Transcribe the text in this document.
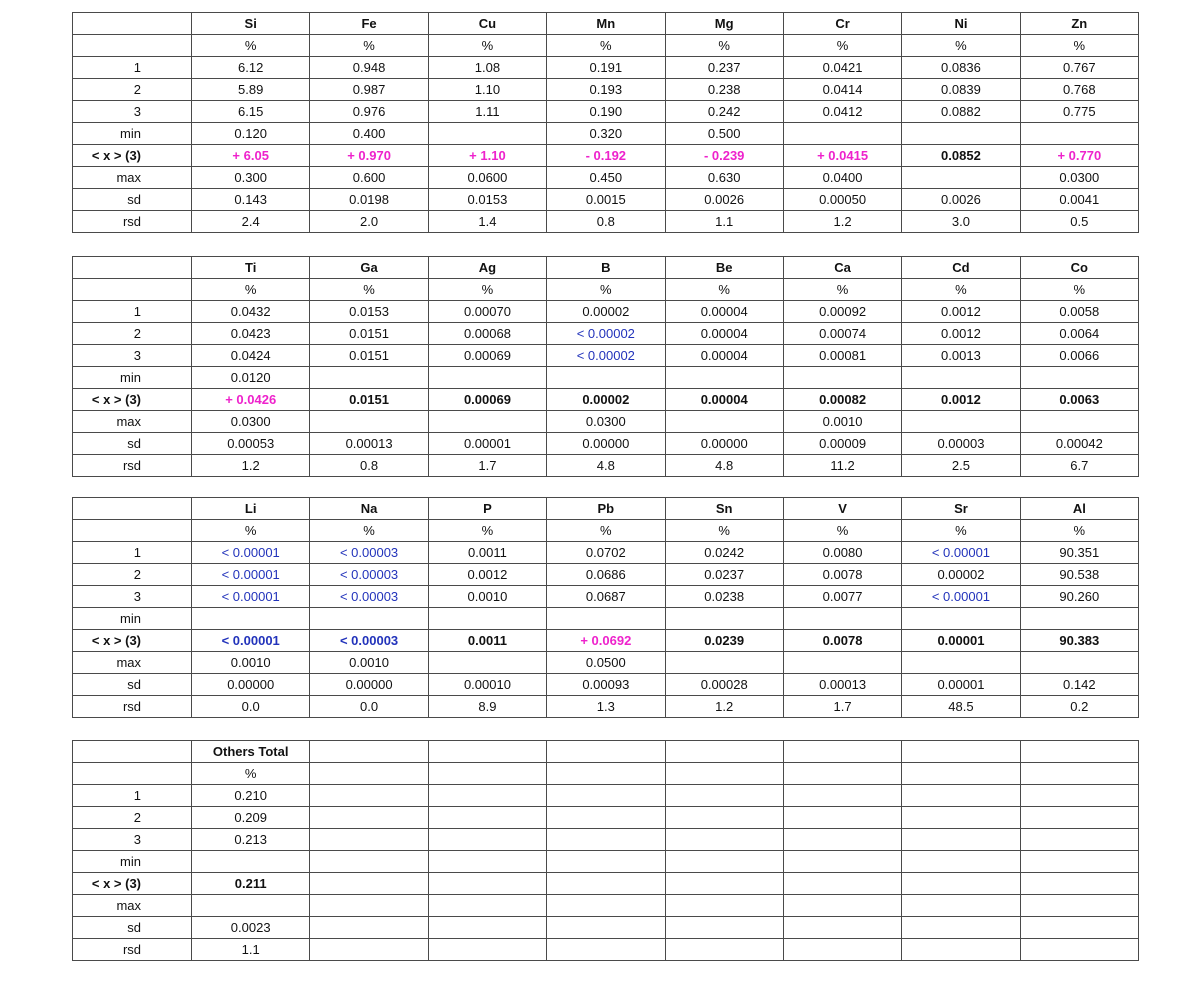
	Si	Fe	Cu	Mn	Mg	Cr	Ni	Zn
	%	%	%	%	%	%	%	%
1	6.12	0.948	1.08	0.191	0.237	0.0421	0.0836	0.767
2	5.89	0.987	1.10	0.193	0.238	0.0414	0.0839	0.768
3	6.15	0.976	1.11	0.190	0.242	0.0412	0.0882	0.775
min	0.120	0.400		0.320	0.500			
< x > (3)	+ 6.05	+ 0.970	+ 1.10	- 0.192	- 0.239	+ 0.0415	0.0852	+ 0.770
max	0.300	0.600	0.0600	0.450	0.630	0.0400		0.0300
sd	0.143	0.0198	0.0153	0.0015	0.0026	0.00050	0.0026	0.0041
rsd	2.4	2.0	1.4	0.8	1.1	1.2	3.0	0.5
	Ti	Ga	Ag	B	Be	Ca	Cd	Co
	%	%	%	%	%	%	%	%
1	0.0432	0.0153	0.00070	0.00002	0.00004	0.00092	0.0012	0.0058
2	0.0423	0.0151	0.00068	< 0.00002	0.00004	0.00074	0.0012	0.0064
3	0.0424	0.0151	0.00069	< 0.00002	0.00004	0.00081	0.0013	0.0066
min	0.0120							
< x > (3)	+ 0.0426	0.0151	0.00069	0.00002	0.00004	0.00082	0.0012	0.0063
max	0.0300			0.0300		0.0010		
sd	0.00053	0.00013	0.00001	0.00000	0.00000	0.00009	0.00003	0.00042
rsd	1.2	0.8	1.7	4.8	4.8	11.2	2.5	6.7
	Li	Na	P	Pb	Sn	V	Sr	Al
	%	%	%	%	%	%	%	%
1	< 0.00001	< 0.00003	0.0011	0.0702	0.0242	0.0080	< 0.00001	90.351
2	< 0.00001	< 0.00003	0.0012	0.0686	0.0237	0.0078	0.00002	90.538
3	< 0.00001	< 0.00003	0.0010	0.0687	0.0238	0.0077	< 0.00001	90.260
min								
< x > (3)	< 0.00001	< 0.00003	0.0011	+ 0.0692	0.0239	0.0078	0.00001	90.383
max	0.0010	0.0010		0.0500				
sd	0.00000	0.00000	0.00010	0.00093	0.00028	0.00013	0.00001	0.142
rsd	0.0	0.0	8.9	1.3	1.2	1.7	48.5	0.2
	Others Total							
	%							
1	0.210							
2	0.209							
3	0.213							
min								
< x > (3)	0.211							
max								
sd	0.0023							
rsd	1.1							
